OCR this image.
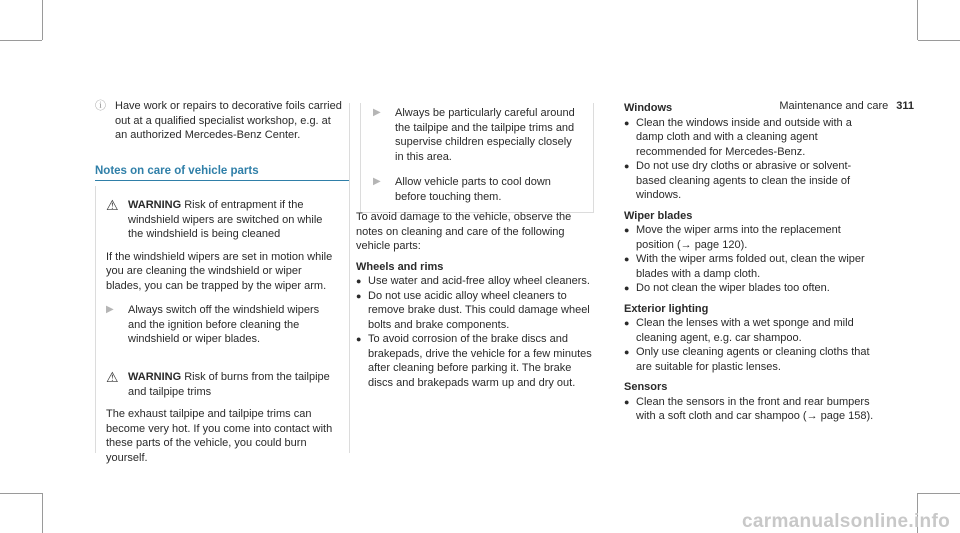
Maintenance and care 311
ⓘ Have work or repairs to decorative foils carried out at a qualified specialist workshop, e.g. at an authorized Mercedes-Benz Center.

Notes on care of vehicle parts
⚠ WARNING Risk of entrapment if the windshield wipers are switched on while the windshield is being cleaned

If the windshield wipers are set in motion while you are cleaning the windshield or wiper blades, you can be trapped by the wiper arm.

▶	Always switch off the windshield wipers and the ignition before cleaning the windshield or wiper blades.

⚠ WARNING Risk of burns from the tailpipe and tailpipe trims

The exhaust tailpipe and tailpipe trims can become very hot. If you come into contact with these parts of the vehicle, you could burn yourself.

▶	Always be particularly careful around the tailpipe and the tailpipe trims and supervise children especially closely in this area.

▶	Allow vehicle parts to cool down before touching them.

To avoid damage to the vehicle, observe the notes on cleaning and care of the following vehicle parts:

Wheels and rims

● Use water and acid-free alloy wheel cleaners.
● Do not use acidic alloy wheel cleaners to remove brake dust. This could damage wheel bolts and brake components.
● To avoid corrosion of the brake discs and brakepads, drive the vehicle for a few minutes after cleaning before parking it. The brake discs and brakepads warm up and dry out.

Windows

● Clean the windows inside and outside with a damp cloth and with a cleaning agent recommended for Mercedes-Benz.
● Do not use dry cloths or abrasive or solvent-based cleaning agents to clean the inside of windows.

Wiper blades

● Move the wiper arms into the replacement position (→ page 120).
● With the wiper arms folded out, clean the wiper blades with a damp cloth.
● Do not clean the wiper blades too often.

Exterior lighting

● Clean the lenses with a wet sponge and mild cleaning agent, e.g. car shampoo.
● Only use cleaning agents or cleaning cloths that are suitable for plastic lenses.

Sensors

● Clean the sensors in the front and rear bumpers with a soft cloth and car shampoo (→ page 158).
carmanualsonline.info
